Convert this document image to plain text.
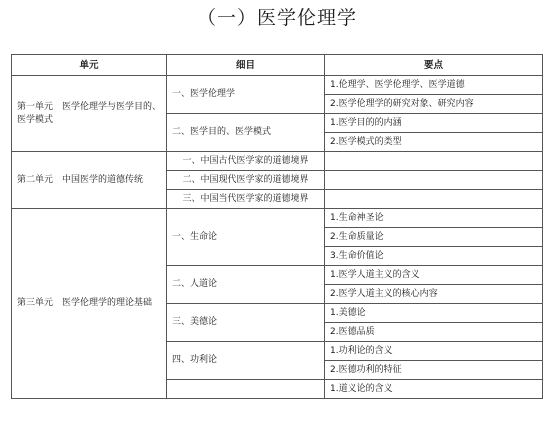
（一）医学伦理学
单元	细目	要点
第一单元　医学伦理学与医学目的、医学模式	一、医学伦理学	1.伦理学、医学伦理学、医学道德
		2.医学伦理学的研究对象、研究内容
	二、医学目的、医学模式	1.医学目的的内涵
		2.医学模式的类型
第二单元　中国医学的道德传统	一、中国古代医学家的道德境界	
	二、中国现代医学家的道德境界	
	三、中国当代医学家的道德境界	
第三单元　医学伦理学的理论基础	一、生命论	1.生命神圣论
		2.生命质量论
		3.生命价值论
	二、人道论	1.医学人道主义的含义
		2.医学人道主义的核心内容
	三、美德论	1.美德论
		2.医德品质
	四、功利论	1.功利论的含义
		2.医德功利的特征
		1.道义论的含义
